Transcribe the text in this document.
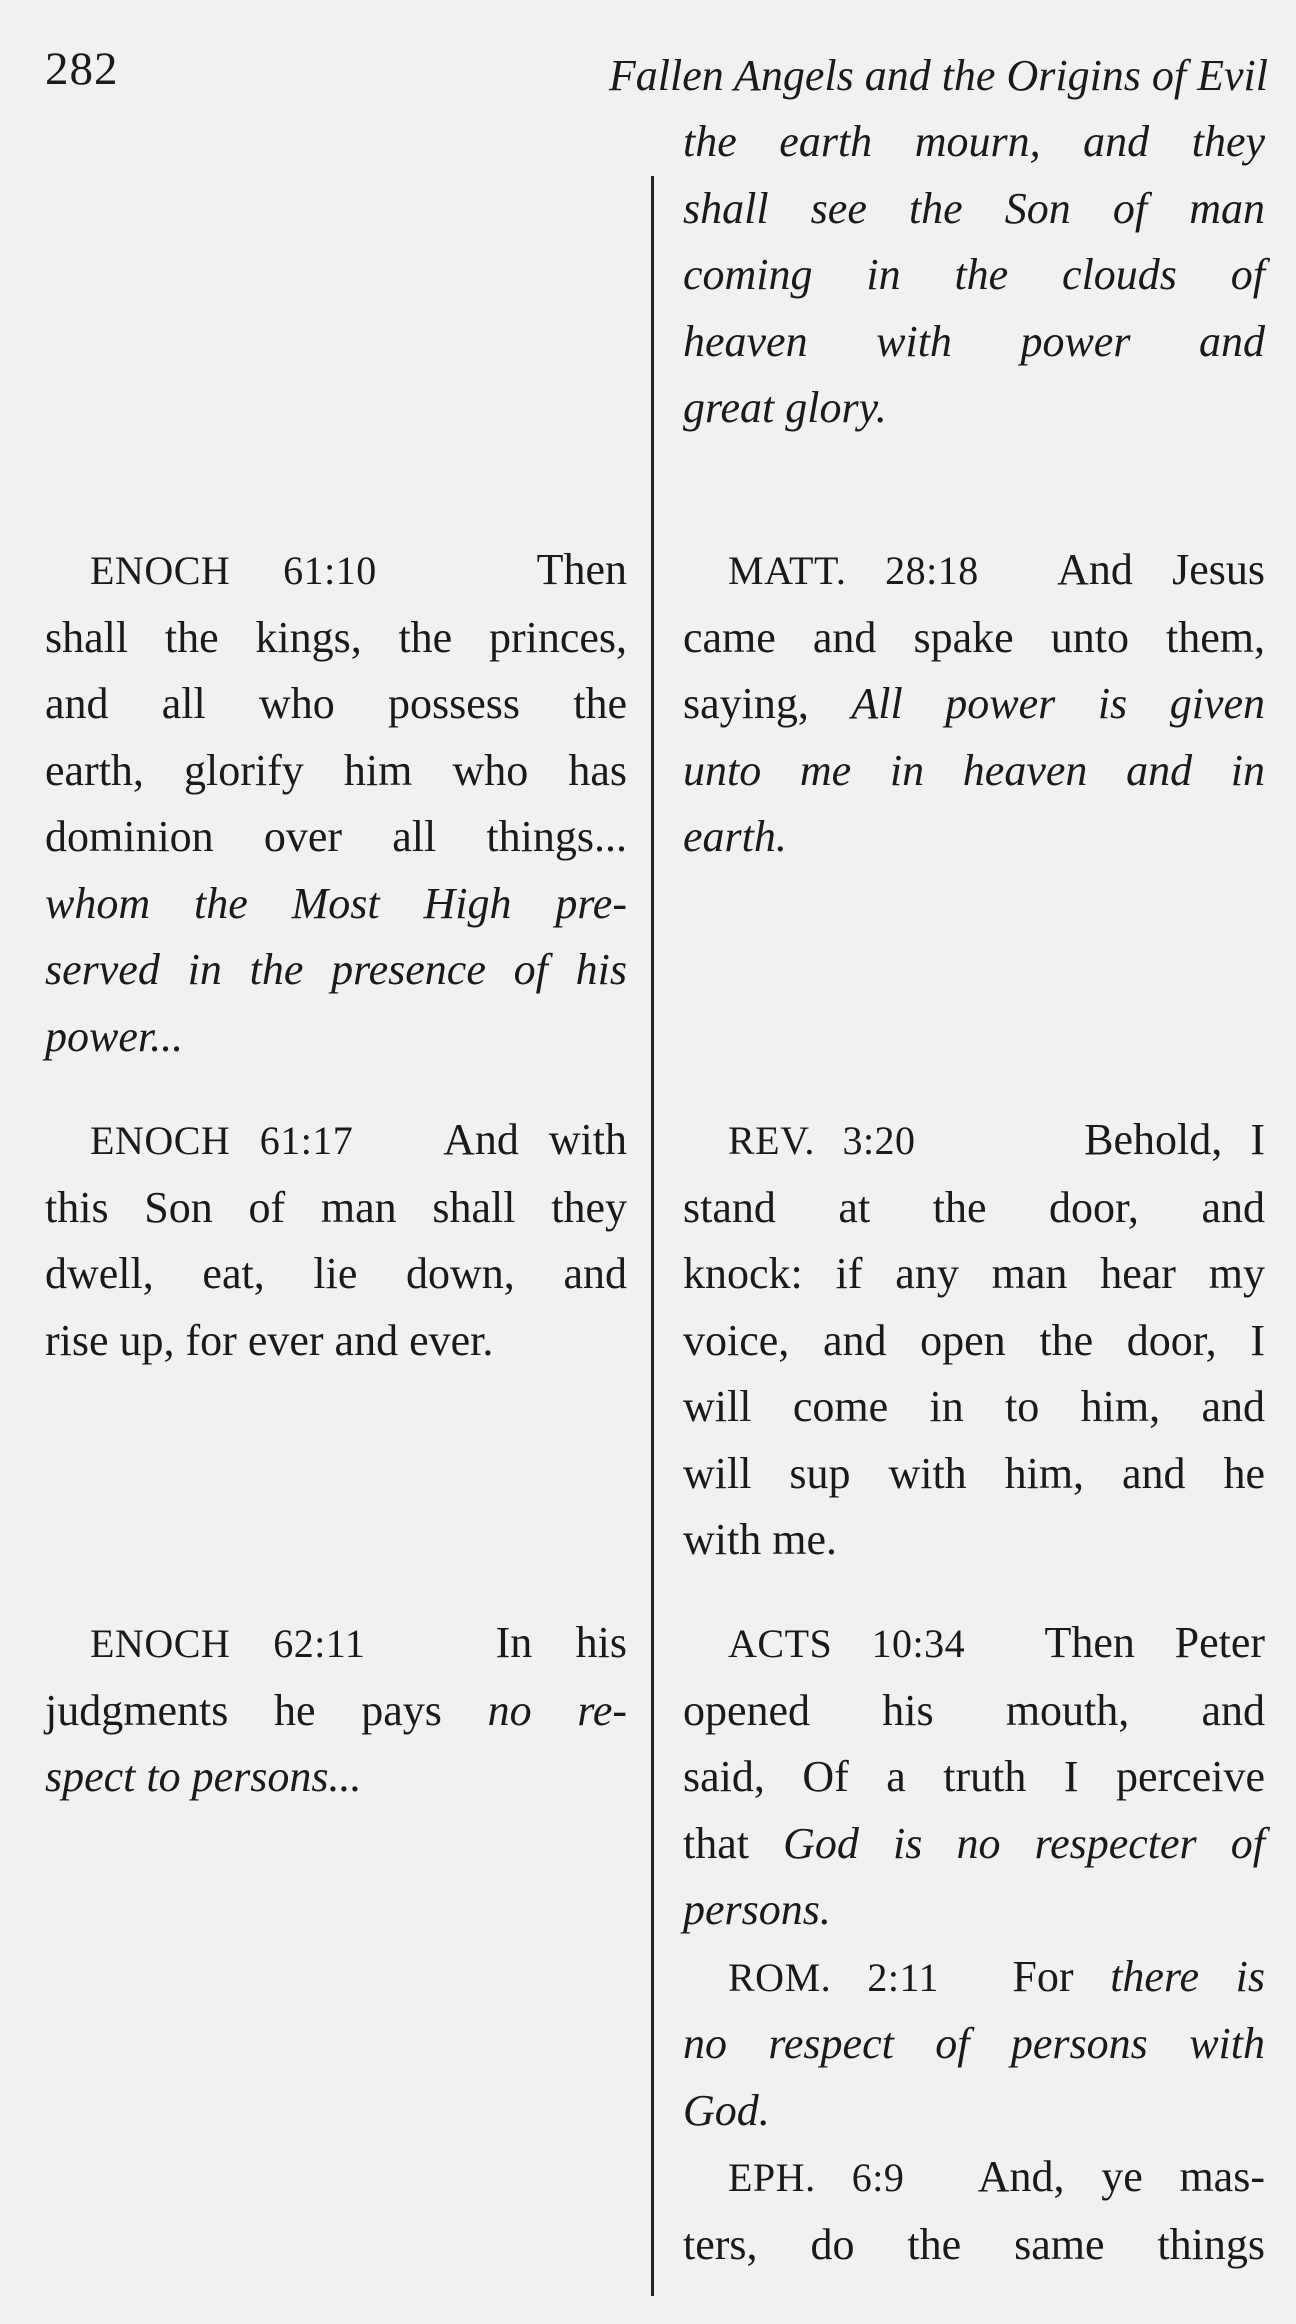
282	Fallen Angels and the Origins of Evil

the earth mourn, and they

shall see the Son of man

coming in the clouds of

heaven with power and

great glory.

ENOCH 61:10	Then

shall the kings, the princes,

and all who possess the

earth, glorify him who has

dominion over all things...

whom the Most High pre-

served in the presence of his

power...

MATT. 28:18 And Jesus

came and spake unto them,

saying, All power is given

unto me in heaven and in

earth.

ENOCH 61:17 And with

this Son of man shall they

dwell, eat, lie down, and

rise up, for ever and ever.

REV. 3:20	Behold, I

stand at the door, and

knock: if any man hear my

voice, and open the door, I

will come in to him, and

will sup with him, and he

with me.

ENOCH 62:11	In his

judgments he pays no re-

spect to persons...

ACTS 10:34 Then Peter

opened his mouth, and

said, Of a truth I perceive

that God is no respecter of

persons.

ROM. 2:11 For there is

no respect of persons with

God.

EPH. 6:9 And, ye mas-

ters, do the same things
